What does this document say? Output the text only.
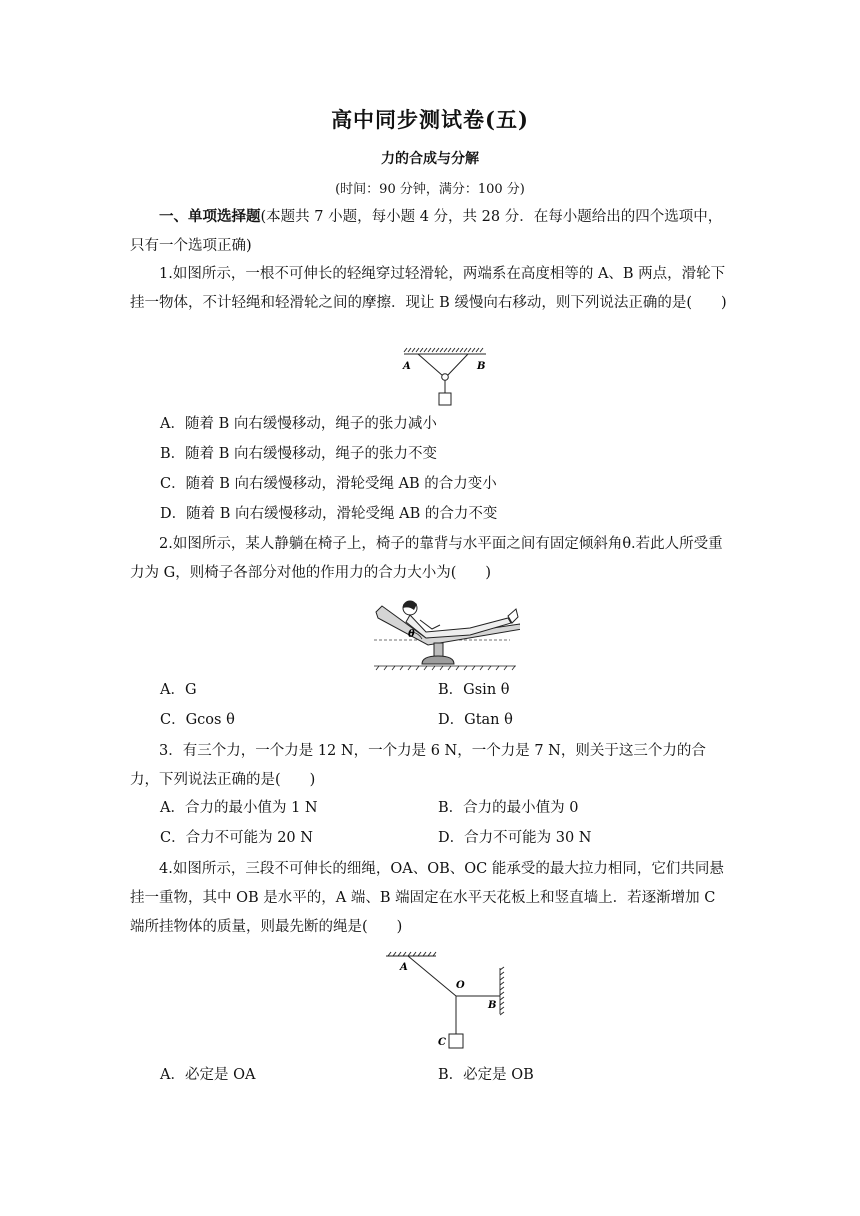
高中同步测试卷(五)
力的合成与分解
(时间：90 分钟，满分：100 分)
一、单项选择题(本题共 7 小题，每小题 4 分，共 28 分．在每小题给出的四个选项中，只有一个选项正确)
1.如图所示，一根不可伸长的轻绳穿过轻滑轮，两端系在高度相等的 A、B 两点，滑轮下挂一物体，不计轻绳和轻滑轮之间的摩擦．现让 B 缓慢向右移动，则下列说法正确的是(　　)
A	B
A．随着 B 向右缓慢移动，绳子的张力减小
B．随着 B 向右缓慢移动，绳子的张力不变
C．随着 B 向右缓慢移动，滑轮受绳 AB 的合力变小
D．随着 B 向右缓慢移动，滑轮受绳 AB 的合力不变
2.如图所示，某人静躺在椅子上，椅子的靠背与水平面之间有固定倾斜角θ.若此人所受重力为 G，则椅子各部分对他的作用力的合力大小为(　　)
θ
A．G	B．Gsin θ
C．Gcos θ	D．Gtan θ
3．有三个力，一个力是 12 N，一个力是 6 N，一个力是 7 N，则关于这三个力的合力，下列说法正确的是(　　)
A．合力的最小值为 1 N	B．合力的最小值为 0
C．合力不可能为 20 N	D．合力不可能为 30 N
4.如图所示，三段不可伸长的细绳，OA、OB、OC 能承受的最大拉力相同，它们共同悬挂一重物，其中 OB 是水平的，A 端、B 端固定在水平天花板上和竖直墙上．若逐渐增加 C 端所挂物体的质量，则最先断的绳是(　　)
A
O
B
C
A．必定是 OA	B．必定是 OB
